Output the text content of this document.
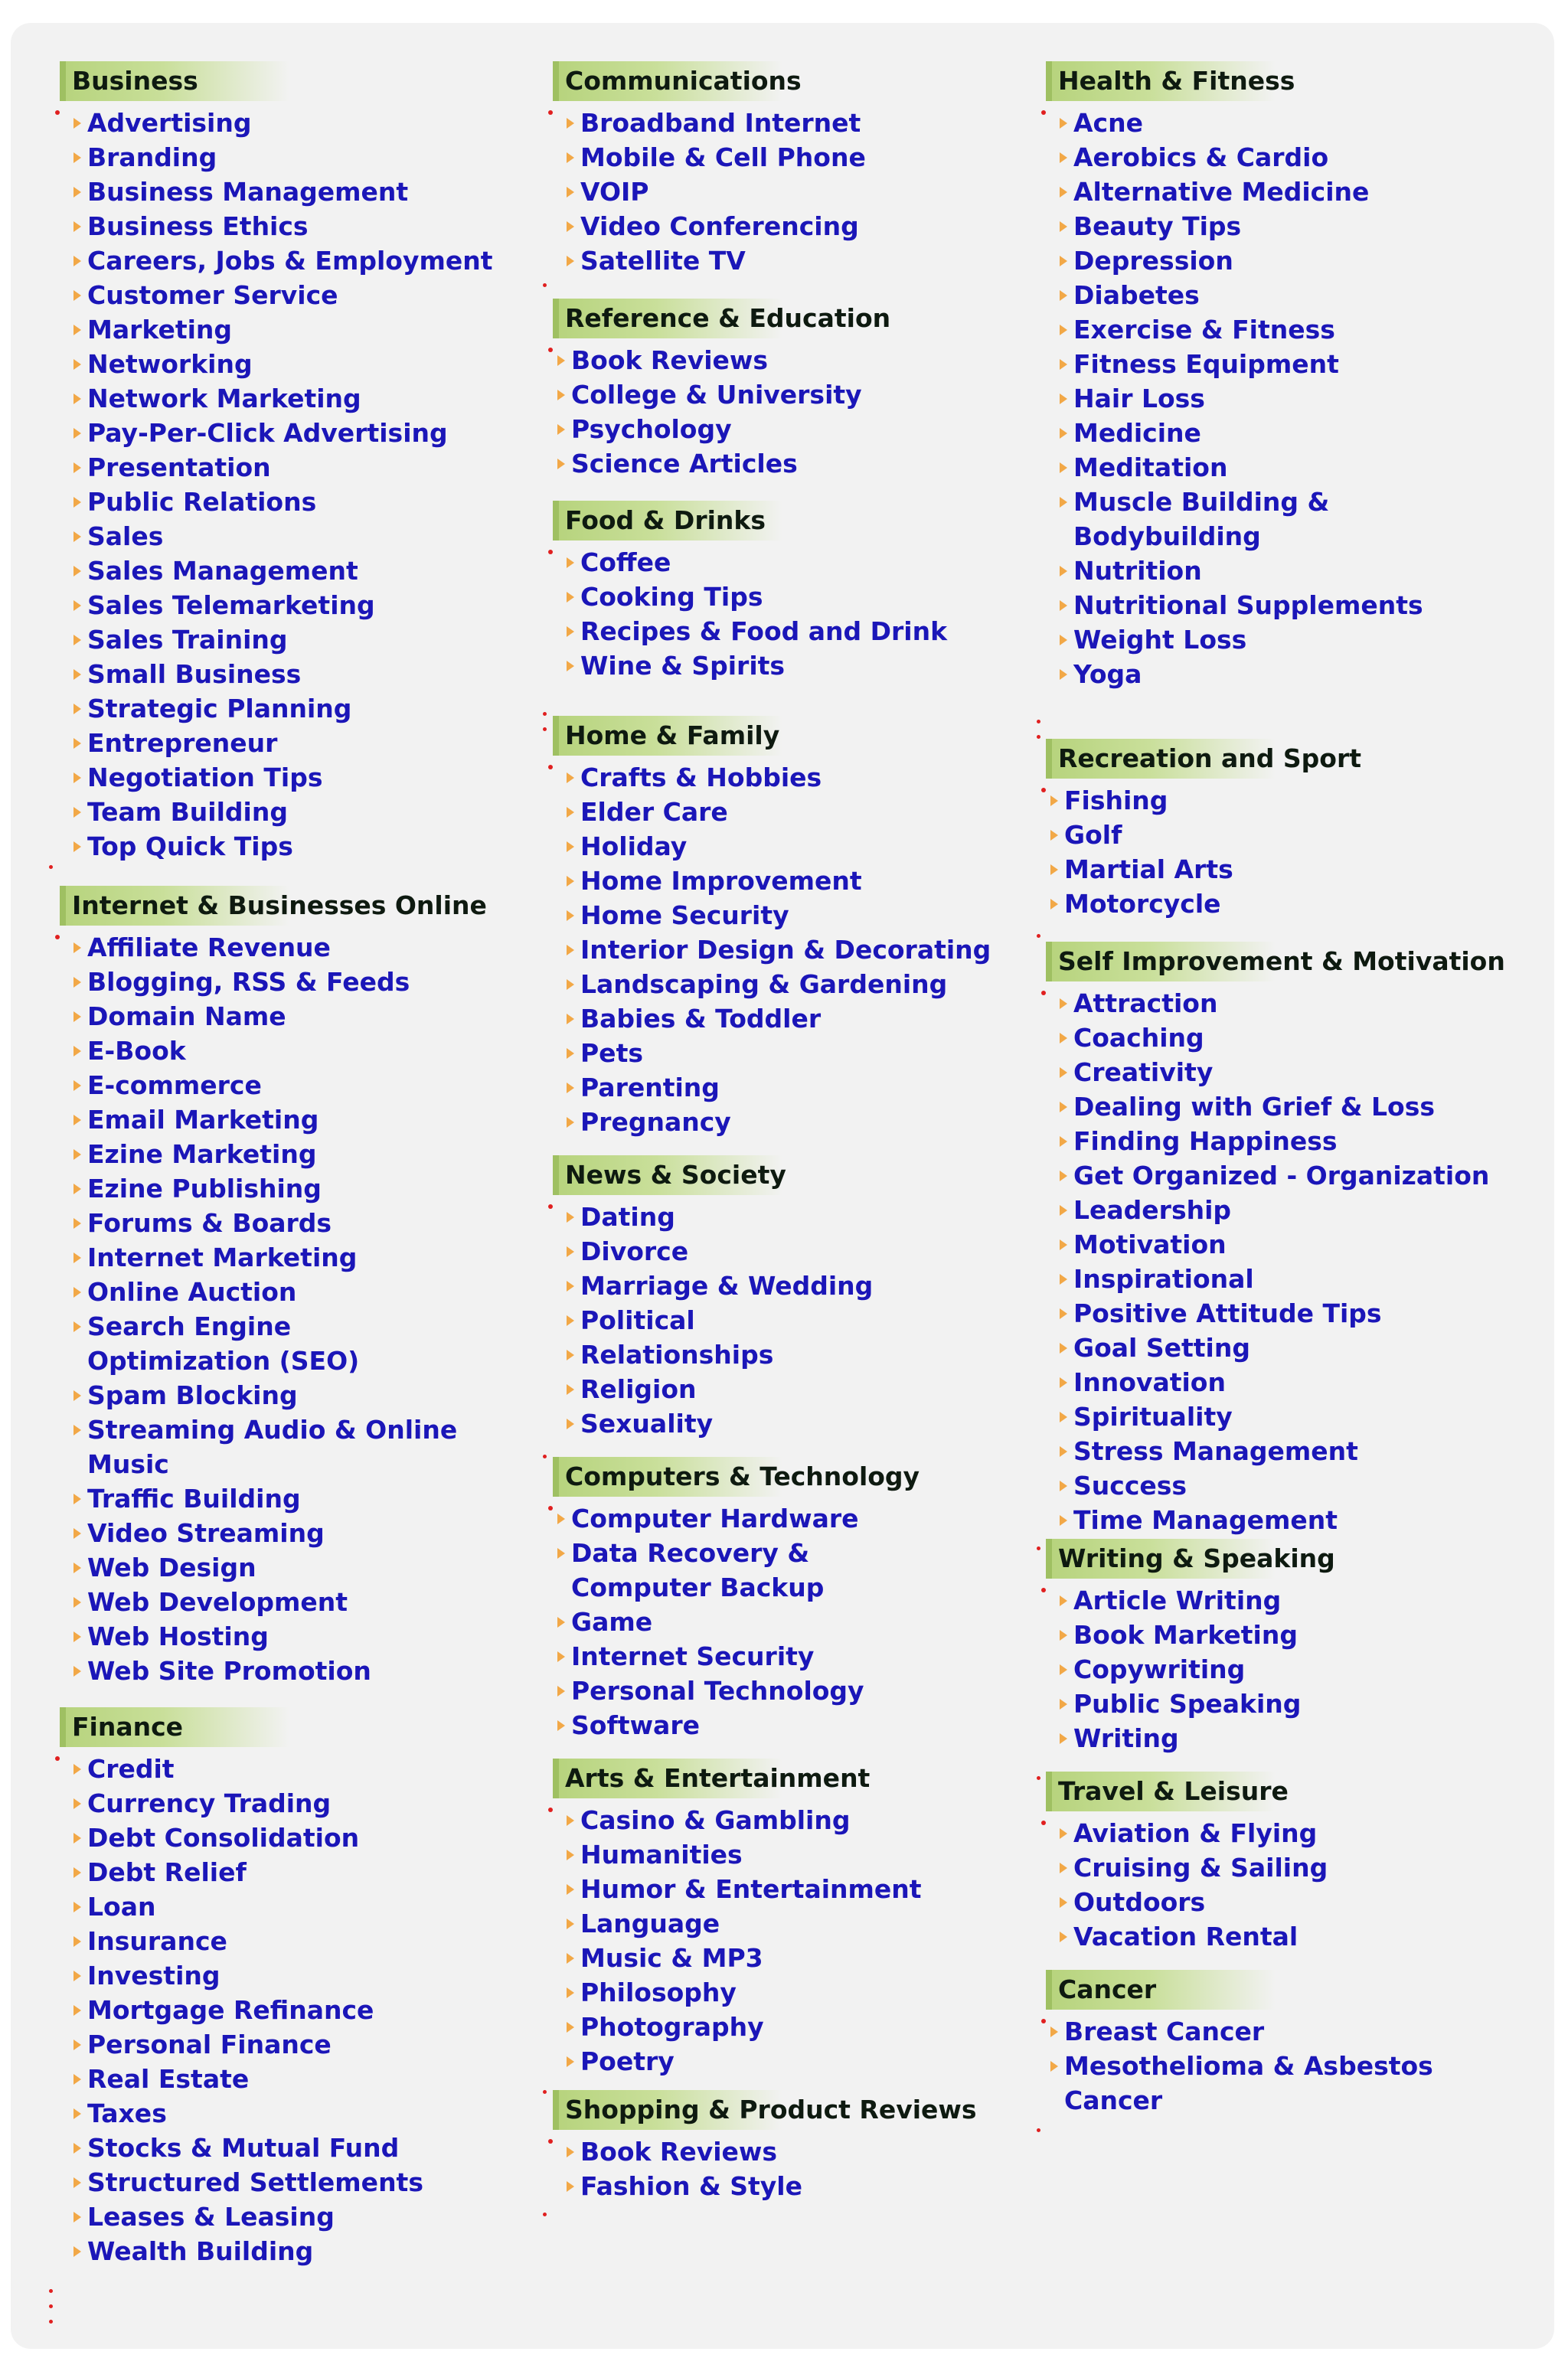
Business
Advertising
Branding
Business Management
Business Ethics
Careers, Jobs & Employment
Customer Service
Marketing
Networking
Network Marketing
Pay-Per-Click Advertising
Presentation
Public Relations
Sales
Sales Management
Sales Telemarketing
Sales Training
Small Business
Strategic Planning
Entrepreneur
Negotiation Tips
Team Building
Top Quick Tips
Internet & Businesses Online
Affiliate Revenue
Blogging, RSS & Feeds
Domain Name
E-Book
E-commerce
Email Marketing
Ezine Marketing
Ezine Publishing
Forums & Boards
Internet Marketing
Online Auction
Search Engine Optimization (SEO)
Spam Blocking
Streaming Audio & Online Music
Traffic Building
Video Streaming
Web Design
Web Development
Web Hosting
Web Site Promotion
Finance
Credit
Currency Trading
Debt Consolidation
Debt Relief
Loan
Insurance
Investing
Mortgage Refinance
Personal Finance
Real Estate
Taxes
Stocks & Mutual Fund
Structured Settlements
Leases & Leasing
Wealth Building
Communications
Broadband Internet
Mobile & Cell Phone
VOIP
Video Conferencing
Satellite TV
Reference & Education
Book Reviews
College & University
Psychology
Science Articles
Food & Drinks
Coffee
Cooking Tips
Recipes & Food and Drink
Wine & Spirits
Home & Family
Crafts & Hobbies
Elder Care
Holiday
Home Improvement
Home Security
Interior Design & Decorating
Landscaping & Gardening
Babies & Toddler
Pets
Parenting
Pregnancy
News & Society
Dating
Divorce
Marriage & Wedding
Political
Relationships
Religion
Sexuality
Computers & Technology
Computer Hardware
Data Recovery & Computer Backup
Game
Internet Security
Personal Technology
Software
Arts & Entertainment
Casino & Gambling
Humanities
Humor & Entertainment
Language
Music & MP3
Philosophy
Photography
Poetry
Shopping & Product Reviews
Book Reviews
Fashion & Style
Health & Fitness
Acne
Aerobics & Cardio
Alternative Medicine
Beauty Tips
Depression
Diabetes
Exercise & Fitness
Fitness Equipment
Hair Loss
Medicine
Meditation
Muscle Building & Bodybuilding
Nutrition
Nutritional Supplements
Weight Loss
Yoga
Recreation and Sport
Fishing
Golf
Martial Arts
Motorcycle
Self Improvement & Motivation
Attraction
Coaching
Creativity
Dealing with Grief & Loss
Finding Happiness
Get Organized - Organization
Leadership
Motivation
Inspirational
Positive Attitude Tips
Goal Setting
Innovation
Spirituality
Stress Management
Success
Time Management
Writing & Speaking
Article Writing
Book Marketing
Copywriting
Public Speaking
Writing
Travel & Leisure
Aviation & Flying
Cruising & Sailing
Outdoors
Vacation Rental
Cancer
Breast Cancer
Mesothelioma & Asbestos Cancer
